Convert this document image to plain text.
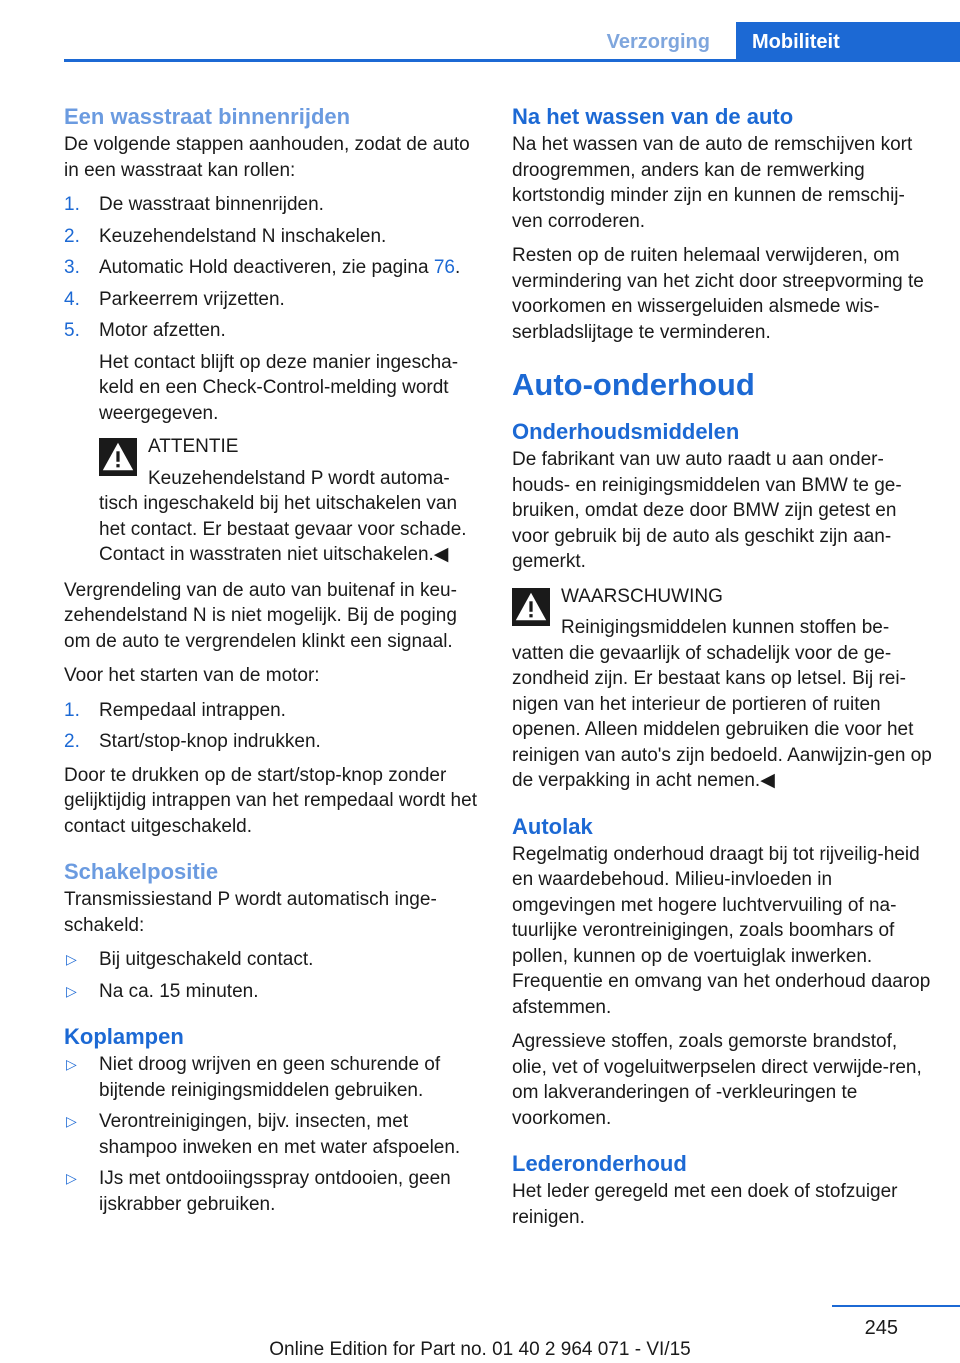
Verzorging	Mobiliteit
Een wasstraat binnenrijden

De volgende stappen aanhouden, zodat de auto in een wasstraat kan rollen:

1. De wasstraat binnenrijden.
2. Keuzehendelstand N inschakelen.
3. Automatic Hold deactiveren, zie pagina 76.
4. Parkeerrem vrijzetten.
5. Motor afzetten.
Het contact blijft op deze manier ingescha‐keld en een Check-Control-melding wordt weergegeven.
ATTENTIE
Keuzehendelstand P wordt automa‐
tisch ingeschakeld bij het uitschakelen van het contact. Er bestaat gevaar voor schade. Contact in wasstraten niet uitschakelen.◀

Vergrendeling van de auto van buitenaf in keu‐zehendelstand N is niet mogelijk. Bij de poging om de auto te vergrendelen klinkt een signaal.

Voor het starten van de motor:

1. Rempedaal intrappen.
2. Start/stop-knop indrukken.

Door te drukken op de start/stop-knop zonder gelijktijdig intrappen van het rempedaal wordt het contact uitgeschakeld.

Schakelpositie

Transmissiestand P wordt automatisch inge‐schakeld:

▷ Bij uitgeschakeld contact.
▷ Na ca. 15 minuten.
Koplampen
▷ Niet droog wrijven en geen schurende of bijtende reinigingsmiddelen gebruiken.
▷ Verontreinigingen, bijv. insecten, met shampoo inweken en met water afspoelen.
▷ IJs met ontdooiingsspray ontdooien, geen ijskrabber gebruiken.
Na het wassen van de auto

Na het wassen van de auto de remschijven kort droogremmen, anders kan de remwerking kortstondig minder zijn en kunnen de remschij‐ven corroderen.

Resten op de ruiten helemaal verwijderen, om vermindering van het zicht door streepvorming te voorkomen en wissergeluiden alsmede wis‐serbladslijtage te verminderen.

Auto-onderhoud
Onderhoudsmiddelen

De fabrikant van uw auto raadt u aan onder‐houds- en reinigingsmiddelen van BMW te ge‐bruiken, omdat deze door BMW zijn getest en voor gebruik bij de auto als geschikt zijn aan‐gemerkt.

WAARSCHUWING
Reinigingsmiddelen kunnen stoffen be‐
vatten die gevaarlijk of schadelijk voor de ge‐zondheid zijn. Er bestaat kans op letsel. Bij rei‐nigen van het interieur de portieren of ruiten openen. Alleen middelen gebruiken die voor het reinigen van auto's zijn bedoeld. Aanwijzin‐gen op de verpakking in acht nemen.◀
Autolak

Regelmatig onderhoud draagt bij tot rijveilig‐heid en waardebehoud. Milieu-invloeden in omgevingen met hogere luchtvervuiling of na‐tuurlijke verontreinigingen, zoals boomhars of pollen, kunnen op de voertuiglak inwerken. Frequentie en omvang van het onderhoud daarop afstemmen.

Agressieve stoffen, zoals gemorste brandstof, olie, vet of vogeluitwerpselen direct verwijde‐ren, om lakveranderingen of -verkleuringen te voorkomen.

Lederonderhoud

Het leder geregeld met een doek of stofzuiger reinigen.

245
Online Edition for Part no. 01 40 2 964 071 - VI/15
